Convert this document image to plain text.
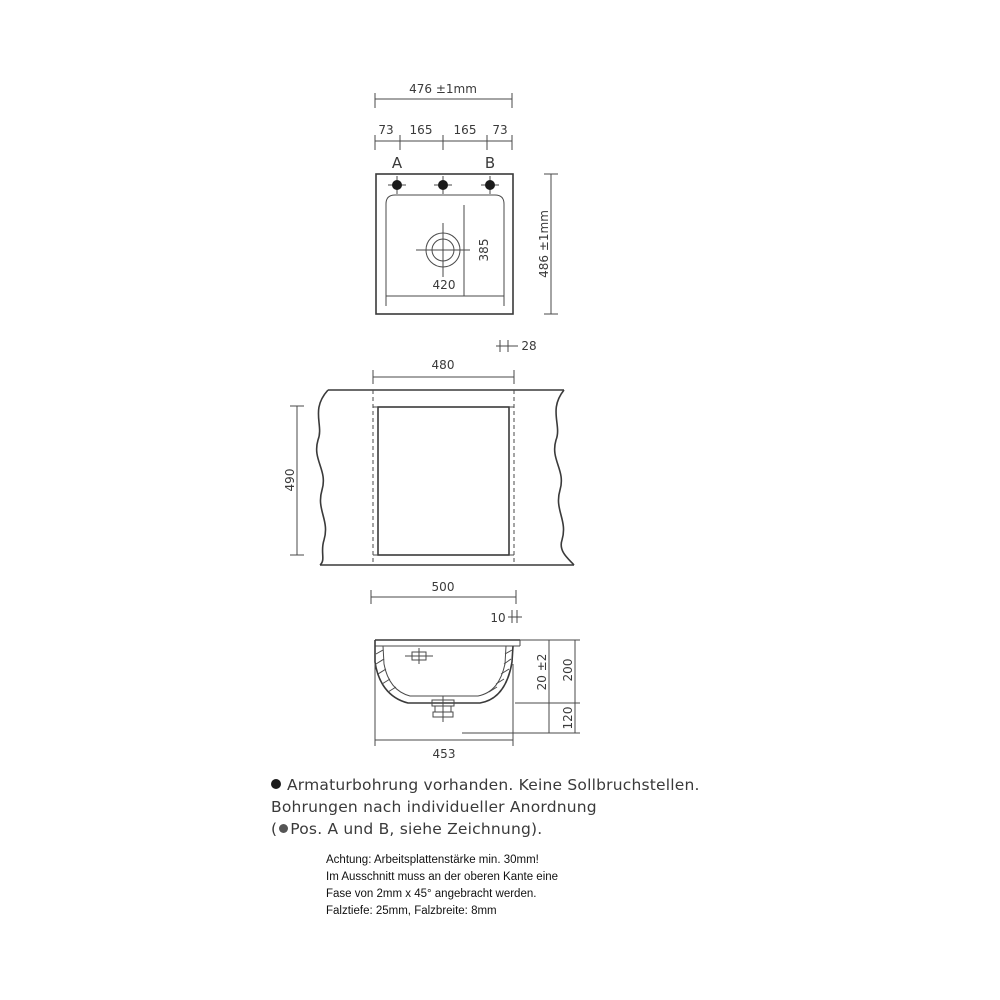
476 ±1mm
73 165 165 73
A	B
385
420
486 ±1mm
28
480
490
500
10
20 ±2 200
120
453
Armaturbohrung vorhanden. Keine Sollbruchstellen.
Bohrungen nach individueller Anordnung
( Pos. A und B, siehe Zeichnung).
Achtung: Arbeitsplattenstärke min. 30mm!
Im Ausschnitt muss an der oberen Kante eine
Fase von 2mm x 45° angebracht werden.
Falztiefe: 25mm, Falzbreite: 8mm
